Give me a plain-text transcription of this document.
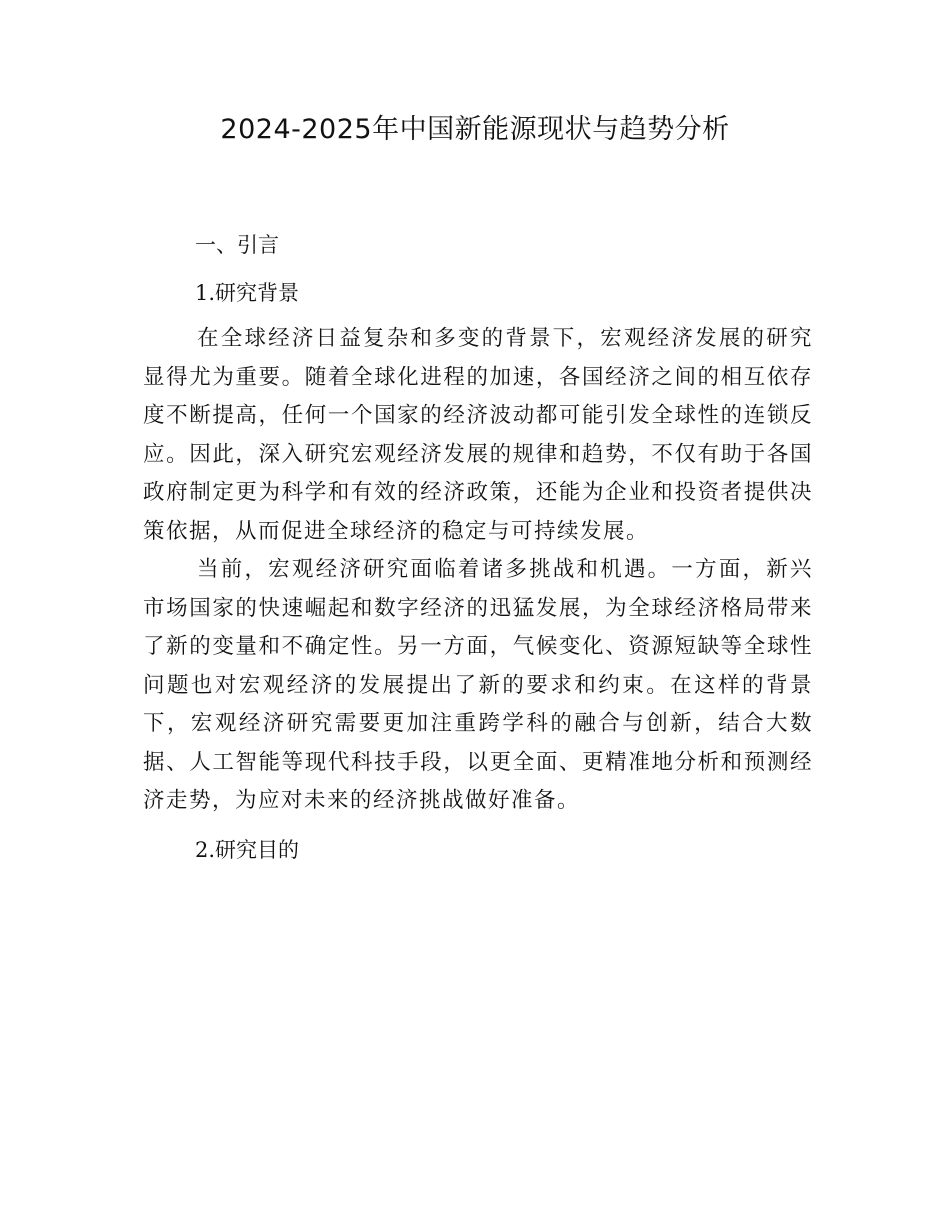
2024-2025年中国新能源现状与趋势分析
一、引言
1.研究背景

在全球经济日益复杂和多变的背景下，宏观经济发展的研究显得尤为重要。随着全球化进程的加速，各国经济之间的相互依存度不断提高，任何一个国家的经济波动都可能引发全球性的连锁反应。因此，深入研究宏观经济发展的规律和趋势，不仅有助于各国政府制定更为科学和有效的经济政策，还能为企业和投资者提供决策依据，从而促进全球经济的稳定与可持续发展。

当前，宏观经济研究面临着诸多挑战和机遇。一方面，新兴市场国家的快速崛起和数字经济的迅猛发展，为全球经济格局带来了新的变量和不确定性。另一方面，气候变化、资源短缺等全球性问题也对宏观经济的发展提出了新的要求和约束。在这样的背景下，宏观经济研究需要更加注重跨学科的融合与创新，结合大数据、人工智能等现代科技手段，以更全面、更精准地分析和预测经济走势，为应对未来的经济挑战做好准备。

2.研究目的
